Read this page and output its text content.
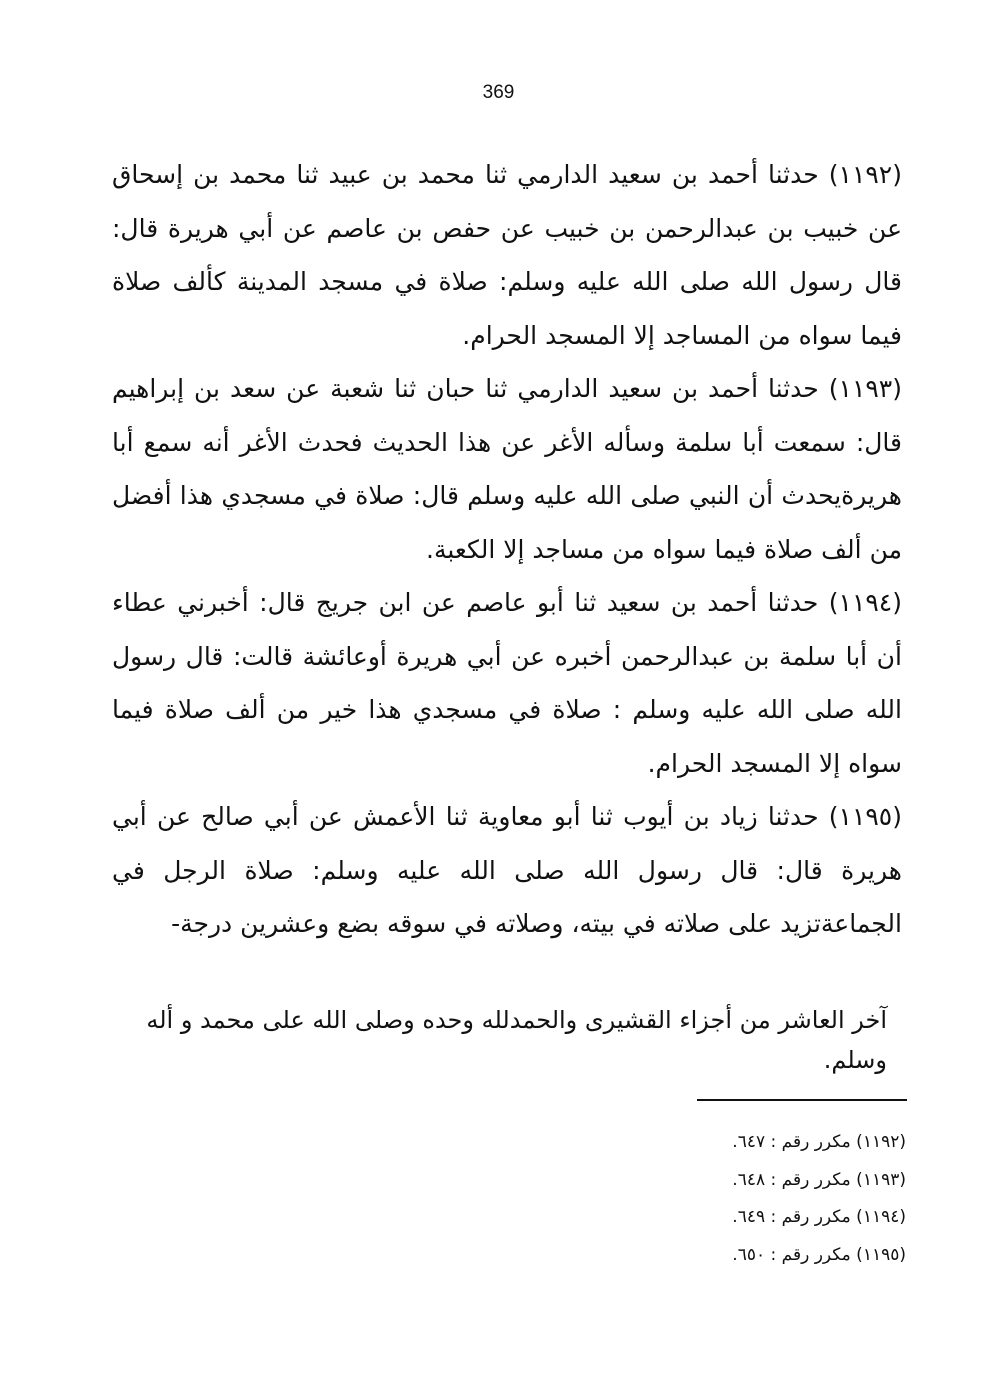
369

(١١٩٢) حدثنا أحمد بن سعيد الدارمي ثنا محمد بن عبيد ثنا محمد بن إسحاق عن خبيب بن عبدالرحمن بن خبيب عن حفص بن عاصم عن أبي هريرة قال: قال رسول الله صلى الله عليه وسلم: صلاة في مسجد المدينة كألف صلاة فيما سواه من المساجد إلا المسجد الحرام.

(١١٩٣) حدثنا أحمد بن سعيد الدارمي ثنا حبان ثنا شعبة عن سعد بن إبراهيم قال: سمعت أبا سلمة وسأله الأغر عن هذا الحديث فحدث الأغر أنه سمع أبا هريرةيحدث أن النبي صلى الله عليه وسلم قال: صلاة في مسجدي هذا أفضل من ألف صلاة فيما سواه من مساجد إلا الكعبة.

(١١٩٤) حدثنا أحمد بن سعيد ثنا أبو عاصم عن ابن جريج قال: أخبرني عطاء أن أبا سلمة بن عبدالرحمن أخبره عن أبي هريرة أوعائشة قالت: قال رسول الله صلى الله عليه وسلم : صلاة في مسجدي هذا خير من ألف صلاة فيما سواه إلا المسجد الحرام.

(١١٩٥) حدثنا زياد بن أيوب ثنا أبو معاوية ثنا الأعمش عن أبي صالح عن أبي هريرة قال: قال رسول الله صلى الله عليه وسلم: صلاة الرجل في الجماعةتزيد على صلاته في بيته، وصلاته في سوقه بضع وعشرين درجة-

آخر العاشر من أجزاء القشيرى والحمدلله وحده وصلى الله على محمد و أله وسلم.

(١١٩٢) مكرر رقم : ٦٤٧.
(١١٩٣) مكرر رقم : ٦٤٨.
(١١٩٤) مكرر رقم : ٦٤٩.
(١١٩٥) مكرر رقم : ٦٥٠.
